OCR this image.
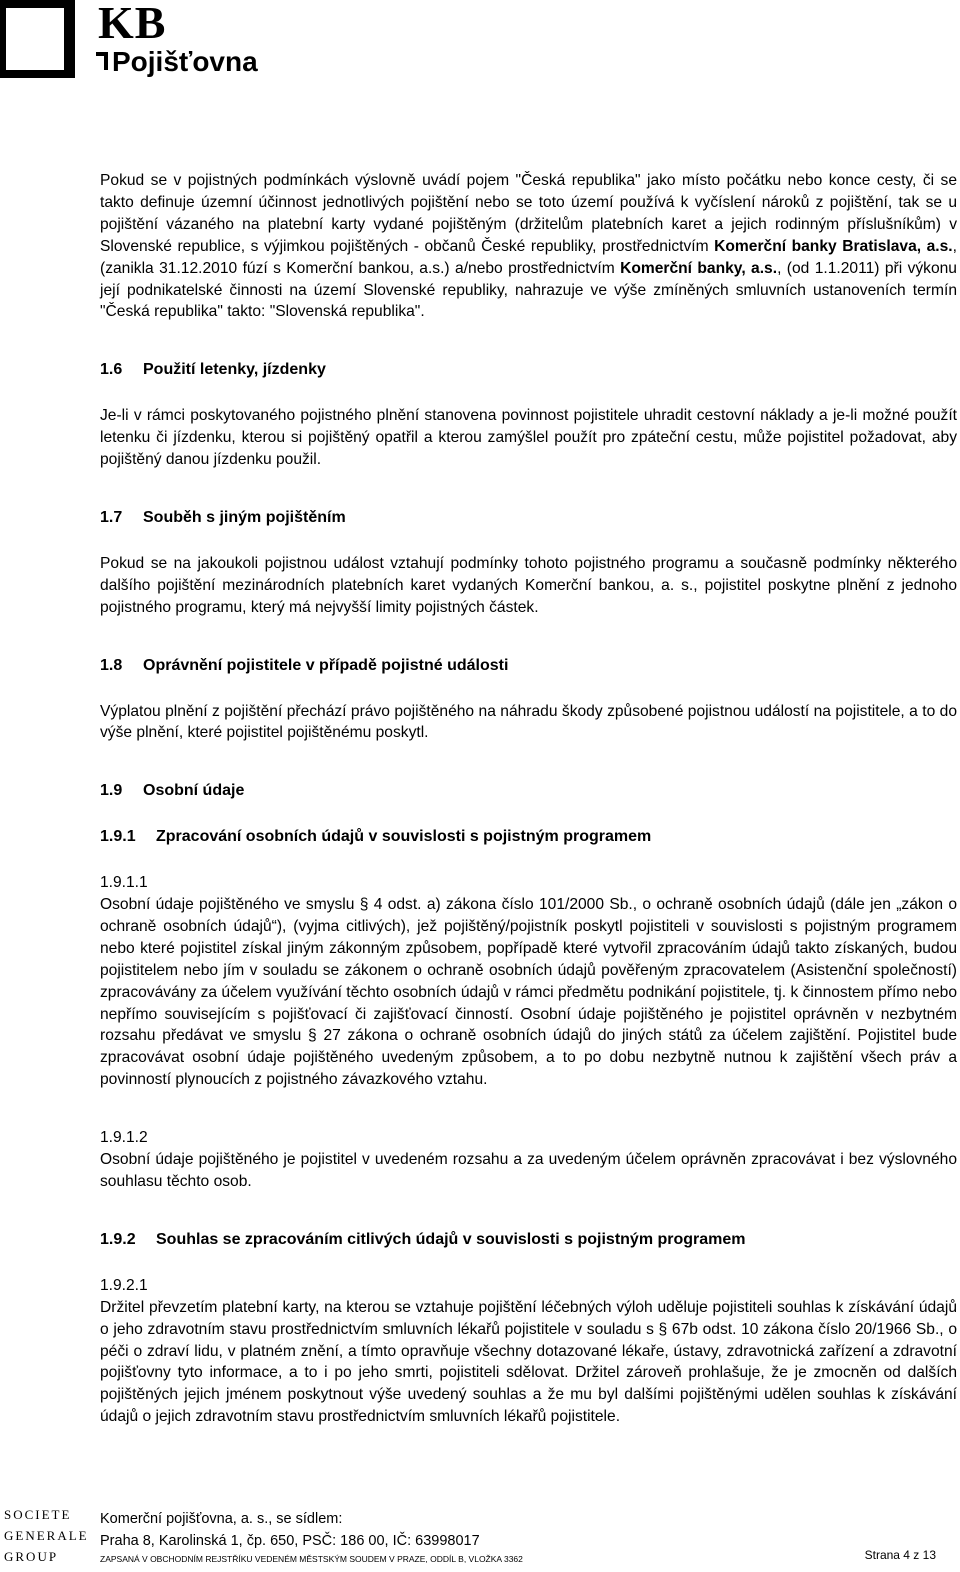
KB
Pojišťovna

Pokud se v pojistných podmínkách výslovně uvádí pojem "Česká republika" jako místo počátku nebo konce cesty, či se takto definuje územní účinnost jednotlivých pojištění nebo se toto území používá k vyčíslení nároků z pojištění, tak se u pojištění vázaného na platební karty vydané pojištěným (držitelům platebních karet a jejich rodinným příslušníkům) v Slovenské republice, s výjimkou pojištěných - občanů České republiky, prostřednictvím Komerční banky Bratislava, a.s., (zanikla 31.12.2010 fúzí s Komerční bankou, a.s.) a/nebo prostřednictvím Komerční banky, a.s., (od 1.1.2011) při výkonu její podnikatelské činnosti na území Slovenské republiky, nahrazuje ve výše zmíněných smluvních ustanoveních termín "Česká republika" takto: "Slovenská republika".

1.6 Použití letenky, jízdenky

Je-li v rámci poskytovaného pojistného plnění stanovena povinnost pojistitele uhradit cestovní náklady a je-li možné použít letenku či jízdenku, kterou si pojištěný opatřil a kterou zamýšlel použít pro zpáteční cestu, může pojistitel požadovat, aby pojištěný danou jízdenku použil.

1.7 Souběh s jiným pojištěním

Pokud se na jakoukoli pojistnou událost vztahují podmínky tohoto pojistného programu a současně podmínky některého dalšího pojištění mezinárodních platebních karet vydaných Komerční bankou, a. s., pojistitel poskytne plnění z jednoho pojistného programu, který má nejvyšší limity pojistných částek.

1.8 Oprávnění pojistitele v případě pojistné události

Výplatou plnění z pojištění přechází právo pojištěného na náhradu škody způsobené pojistnou událostí na pojistitele, a to do výše plnění, které pojistitel pojištěnému poskytl.

1.9 Osobní údaje

1.9.1 Zpracování osobních údajů v souvislosti s pojistným programem

1.9.1.1

Osobní údaje pojištěného ve smyslu § 4 odst. a) zákona číslo 101/2000 Sb., o ochraně osobních údajů (dále jen „zákon o ochraně osobních údajů“), (vyjma citlivých), jež pojištěný/pojistník poskytl pojistiteli v souvislosti s pojistným programem nebo které pojistitel získal jiným zákonným způsobem, popřípadě které vytvořil zpracováním údajů takto získaných, budou pojistitelem nebo jím v souladu se zákonem o ochraně osobních údajů pověřeným zpracovatelem (Asistenční společností) zpracovávány za účelem využívání těchto osobních údajů v rámci předmětu podnikání pojistitele, tj. k činnostem přímo nebo nepřímo souvisejícím s pojišťovací či zajišťovací činností. Osobní údaje pojištěného je pojistitel oprávněn v nezbytném rozsahu předávat ve smyslu § 27 zákona o ochraně osobních údajů do jiných států za účelem zajištění. Pojistitel bude zpracovávat osobní údaje pojištěného uvedeným způsobem, a to po dobu nezbytně nutnou k zajištění všech práv a povinností plynoucích z pojistného závazkového vztahu.

1.9.1.2

Osobní údaje pojištěného je pojistitel v uvedeném rozsahu a za uvedeným účelem oprávněn zpracovávat i bez výslovného souhlasu těchto osob.

1.9.2 Souhlas se zpracováním citlivých údajů v souvislosti s pojistným programem

1.9.2.1

Držitel převzetím platební karty, na kterou se vztahuje pojištění léčebných výloh uděluje pojistiteli souhlas k získávání údajů o jeho zdravotním stavu prostřednictvím smluvních lékařů pojistitele v souladu s § 67b odst. 10 zákona číslo 20/1966 Sb., o péči o zdraví lidu, v platném znění, a tímto opravňuje všechny dotazované lékaře, ústavy, zdravotnická zařízení a zdravotní pojišťovny tyto informace, a to i po jeho smrti, pojistiteli sdělovat. Držitel zároveň prohlašuje, že je zmocněn od dalších pojištěných jejich jménem poskytnout výše uvedený souhlas a že mu byl dalšími pojištěnými udělen souhlas k získávání údajů o jejich zdravotním stavu prostřednictvím smluvních lékařů pojistitele.

SOCIETE
GENERALE
GROUP
Komerční pojišťovna, a. s., se sídlem:
Praha 8, Karolinská 1, čp. 650, PSČ: 186 00, IČ: 63998017
ZAPSANÁ V OBCHODNÍM REJSTŘÍKU VEDENÉM MĚSTSKÝM SOUDEM V PRAZE, ODDÍL B, VLOŽKA 3362	Strana 4 z 13
